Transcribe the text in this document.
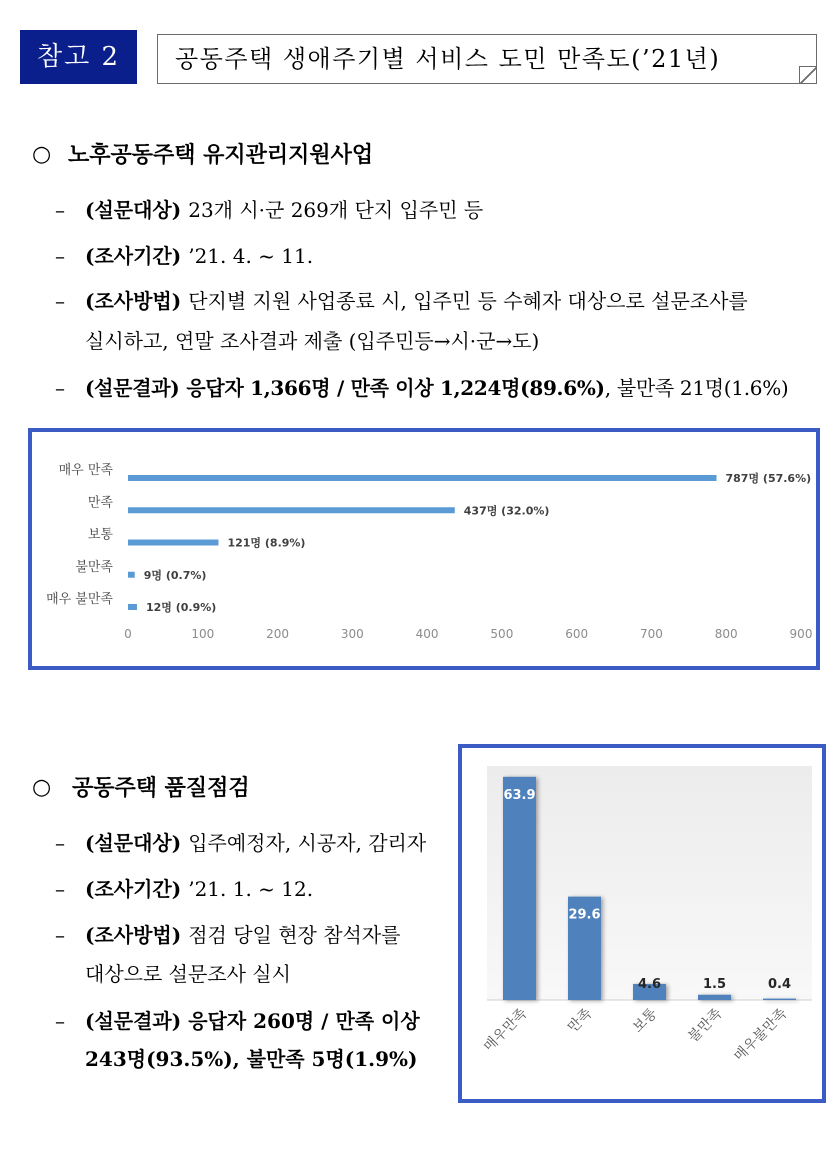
참고 2	공동주택 생애주기별 서비스 도민 만족도(’21년)
○ 노후공동주택 유지관리지원사업
– (설문대상) 23개 시·군 269개 단지 입주민 등
– (조사기간) ’21. 4. ~ 11.
– (조사방법) 단지별 지원 사업종료 시, 입주민 등 수혜자 대상으로 설문조사를
실시하고, 연말 조사결과 제출 (입주민등→시·군→도)
– (설문결과) 응답자 1,366명 / 만족 이상 1,224명(89.6%), 불만족 21명(1.6%)
매우 만족
787명 (57.6%)
만족
437명 (32.0%)
보통
121명 (8.9%)
불만족
9명 (0.7%)
매우 불만족
12명 (0.9%)
0	100	200	300	400	500	600	700	800	900
○ 공동주택 품질점검
– (설문대상) 입주예정자, 시공자, 감리자
– (조사기간) ’21. 1. ~ 12.
– (조사방법) 점검 당일 현장 참석자를
대상으로 설문조사 실시
– (설문결과) 응답자 260명 / 만족 이상
243명(93.5%), 불만족 5명(1.9%)
63.9
매우만족
29.6
만족
4.6
보통
1.5
불만족
0.4
매우불만족
